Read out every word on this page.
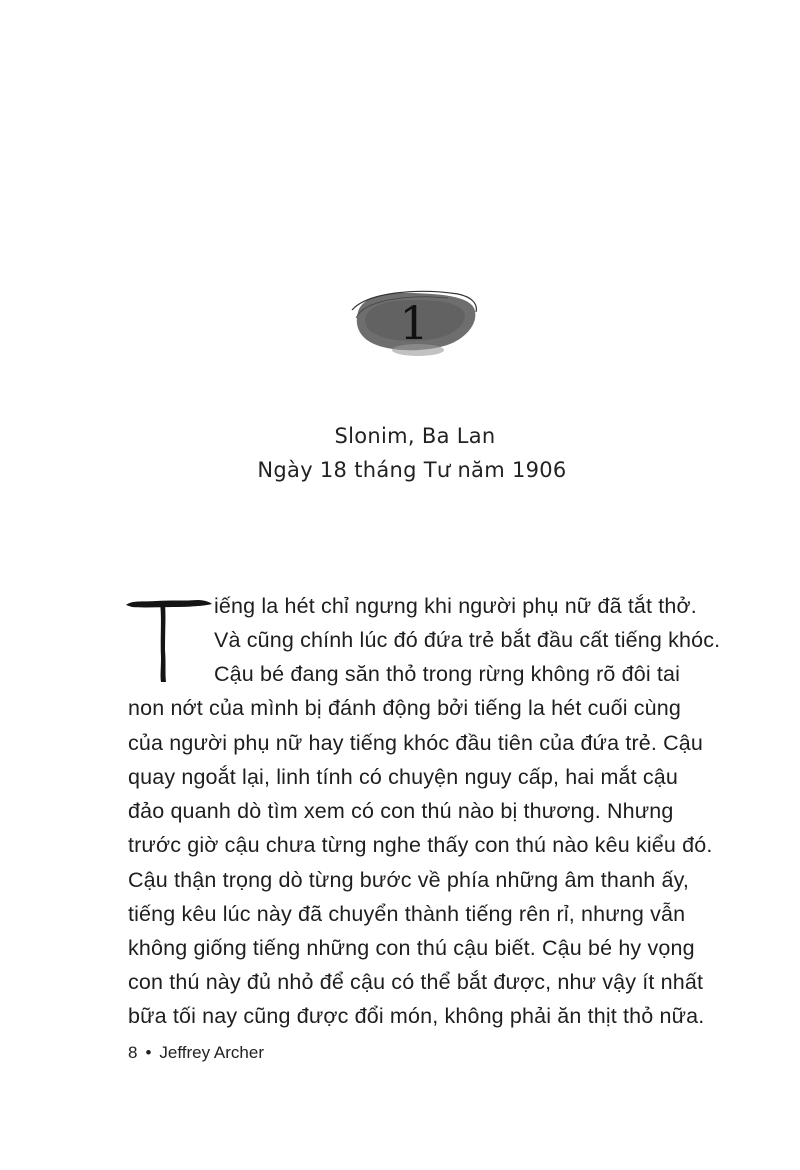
1
Slonim, Ba Lan
Ngày 18 tháng Tư năm 1906
iếng la hét chỉ ngưng khi người phụ nữ đã tắt thở.
Và cũng chính lúc đó đứa trẻ bắt đầu cất tiếng khóc.
Cậu bé đang săn thỏ trong rừng không rõ đôi tai
non nớt của mình bị đánh động bởi tiếng la hét cuối cùng
của người phụ nữ hay tiếng khóc đầu tiên của đứa trẻ. Cậu
quay ngoắt lại, linh tính có chuyện nguy cấp, hai mắt cậu
đảo quanh dò tìm xem có con thú nào bị thương. Nhưng
trước giờ cậu chưa từng nghe thấy con thú nào kêu kiểu đó.
Cậu thận trọng dò từng bước về phía những âm thanh ấy,
tiếng kêu lúc này đã chuyển thành tiếng rên rỉ, nhưng vẫn
không giống tiếng những con thú cậu biết. Cậu bé hy vọng
con thú này đủ nhỏ để cậu có thể bắt được, như vậy ít nhất
bữa tối nay cũng được đổi món, không phải ăn thịt thỏ nữa.
8 • Jeffrey Archer
